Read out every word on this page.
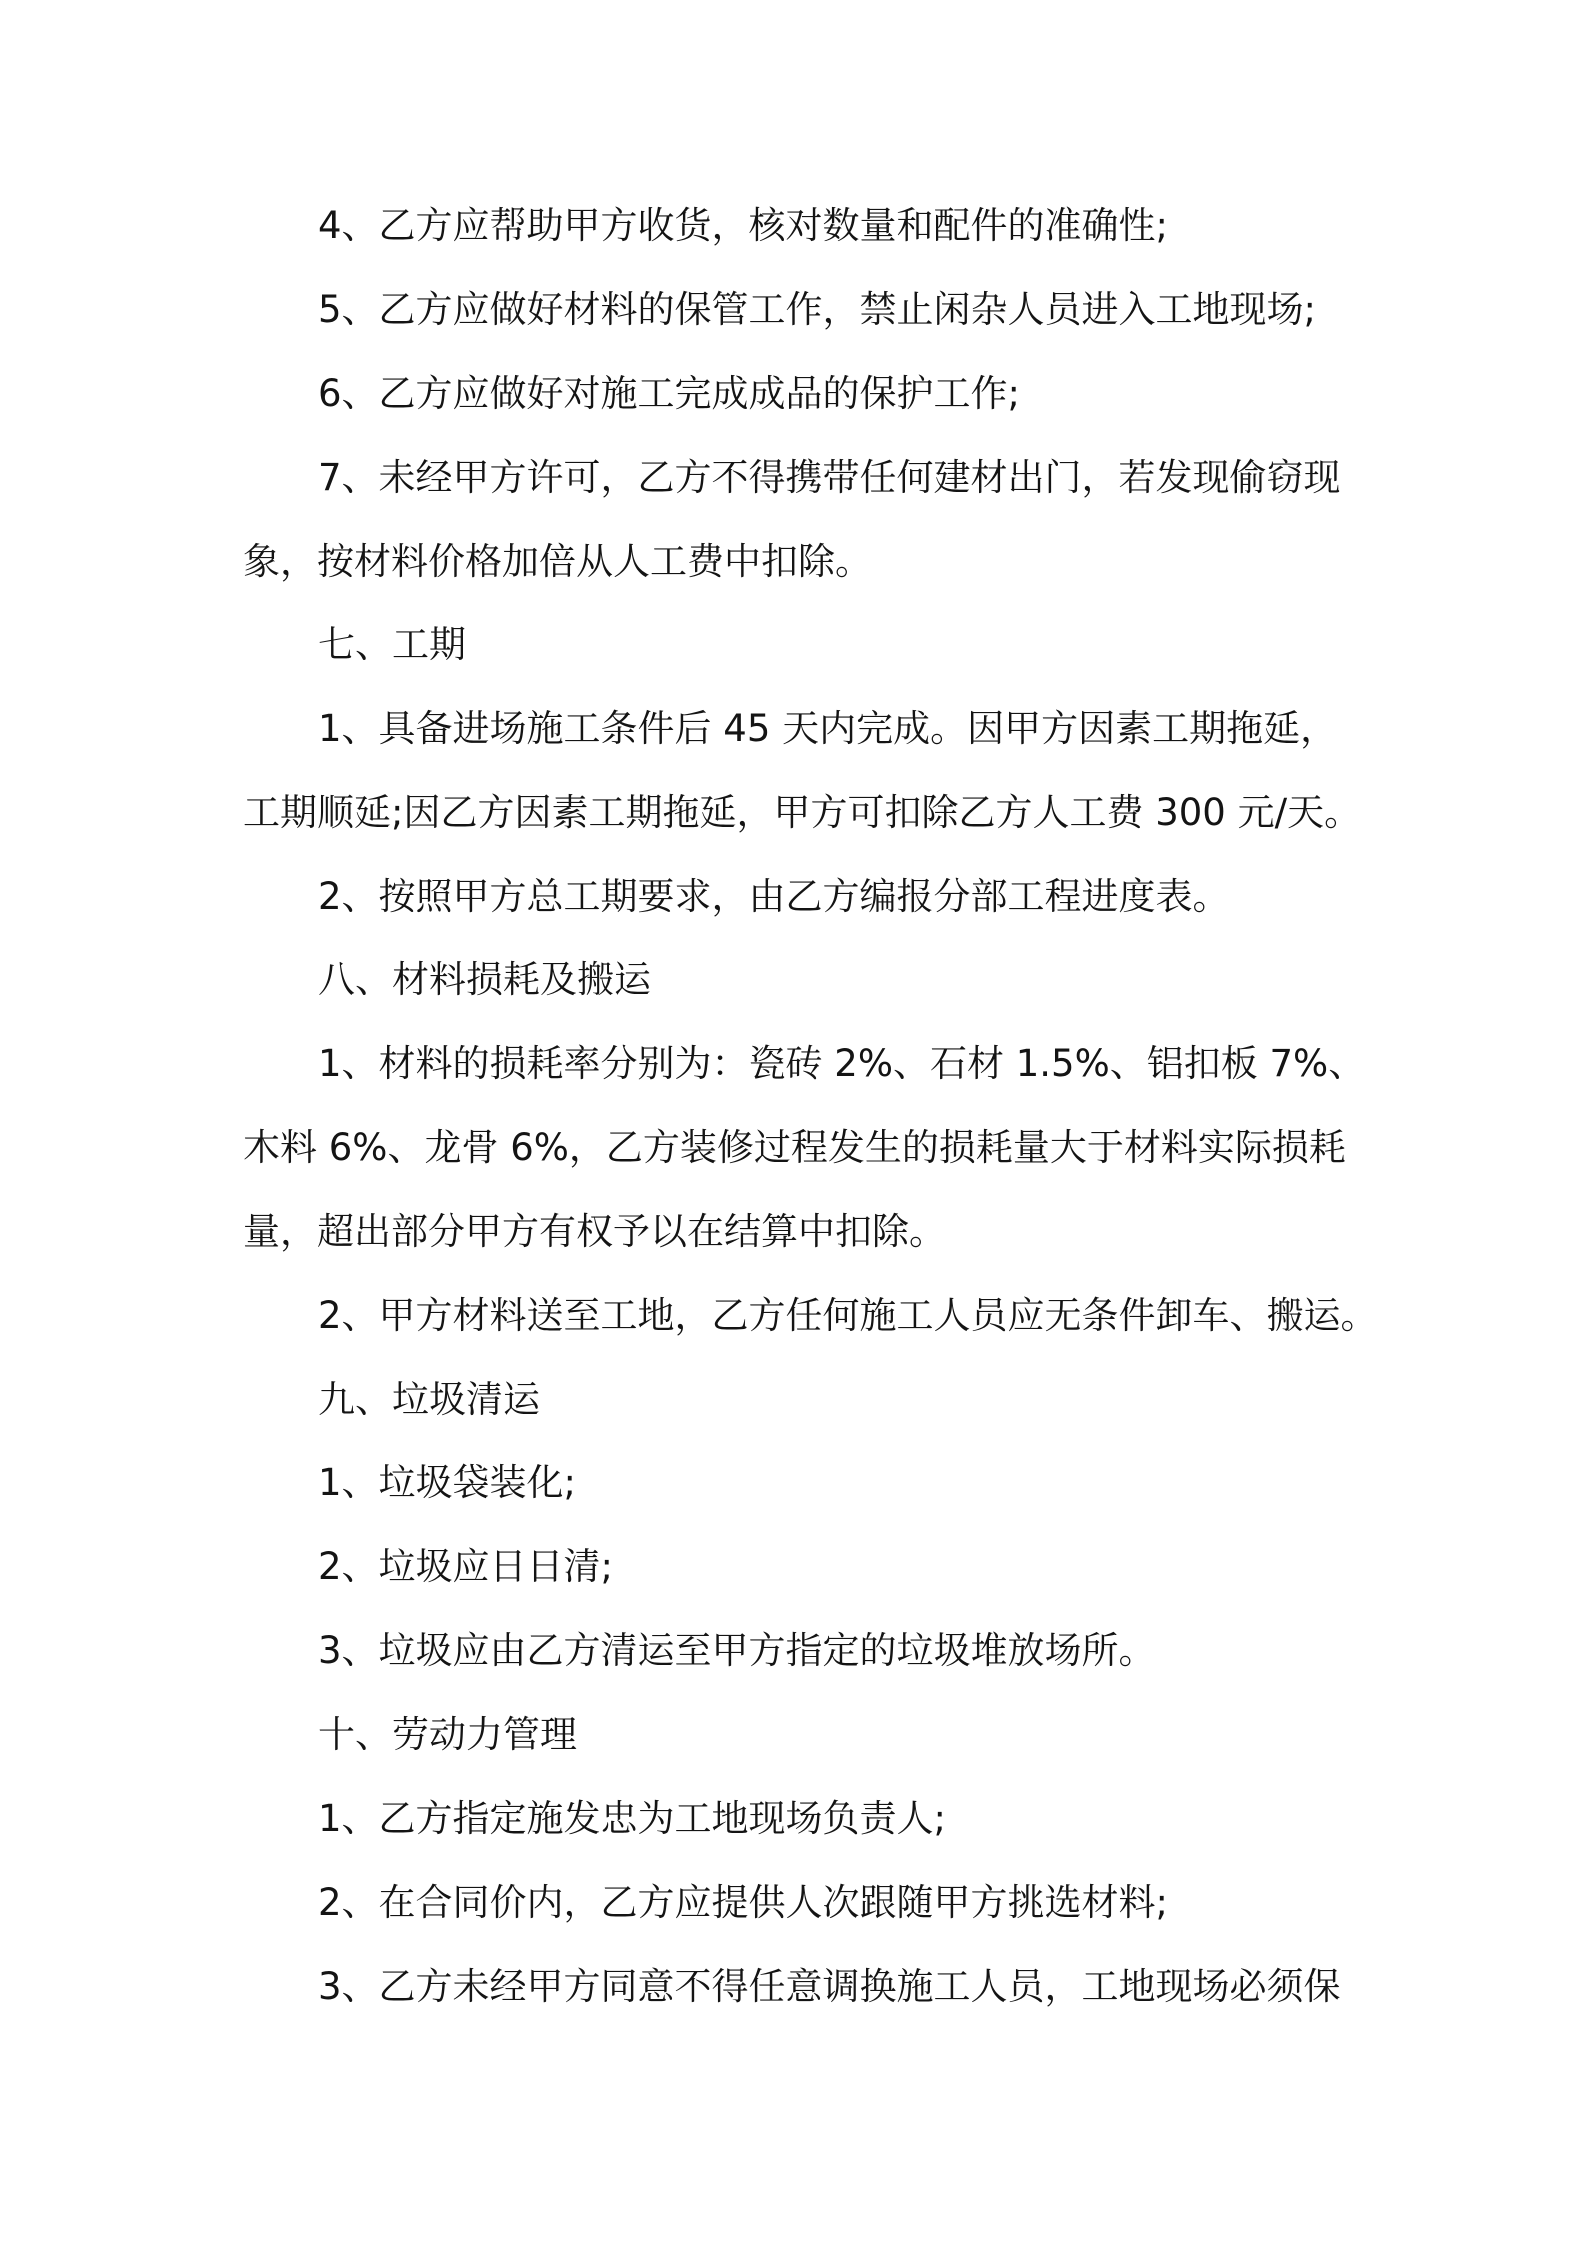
4、乙方应帮助甲方收货，核对数量和配件的准确性;
5、乙方应做好材料的保管工作，禁止闲杂人员进入工地现场;
6、乙方应做好对施工完成成品的保护工作;
7、未经甲方许可，乙方不得携带任何建材出门，若发现偷窃现
象，按材料价格加倍从人工费中扣除。
七、工期
1、具备进场施工条件后 45 天内完成。因甲方因素工期拖延，
工期顺延;因乙方因素工期拖延，甲方可扣除乙方人工费 300 元/天。
2、按照甲方总工期要求，由乙方编报分部工程进度表。
八、材料损耗及搬运
1、材料的损耗率分别为：瓷砖 2%、石材 1.5%、铝扣板 7%、
木料 6%、龙骨 6%，乙方装修过程发生的损耗量大于材料实际损耗
量，超出部分甲方有权予以在结算中扣除。
2、甲方材料送至工地，乙方任何施工人员应无条件卸车、搬运。
九、垃圾清运
1、垃圾袋装化;
2、垃圾应日日清;
3、垃圾应由乙方清运至甲方指定的垃圾堆放场所。
十、劳动力管理
1、乙方指定施发忠为工地现场负责人;
2、在合同价内，乙方应提供人次跟随甲方挑选材料;
3、乙方未经甲方同意不得任意调换施工人员，工地现场必须保
